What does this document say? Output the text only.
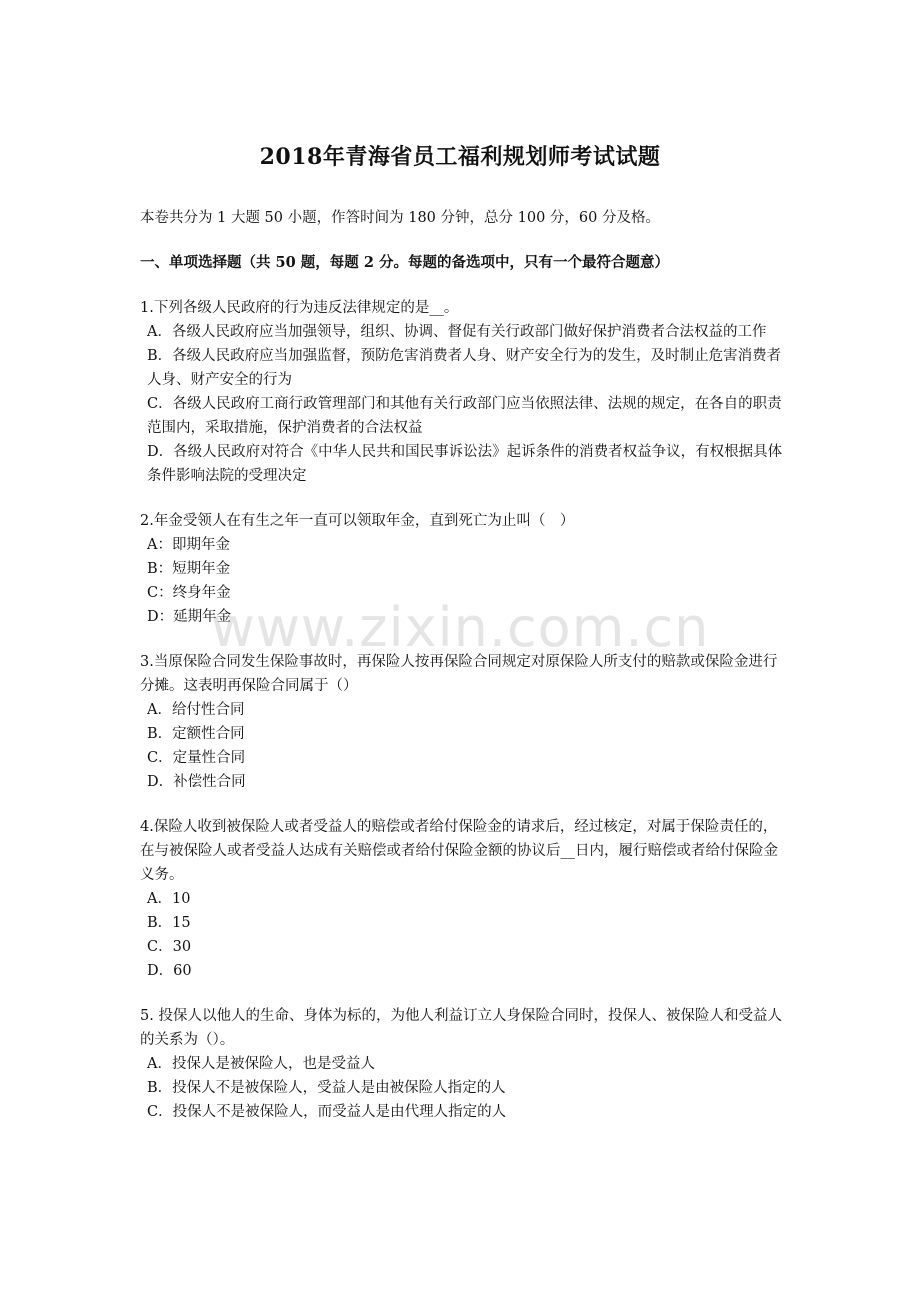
2018年青海省员工福利规划师考试试题

本卷共分为 1 大题 50 小题，作答时间为 180 分钟，总分 100 分，60 分及格。

一、单项选择题（共 50 题，每题 2 分。每题的备选项中，只有一个最符合题意）

1.下列各级人民政府的行为违反法律规定的是__。

A．各级人民政府应当加强领导，组织、协调、督促有关行政部门做好保护消费者合法权益的工作

B．各级人民政府应当加强监督，预防危害消费者人身、财产安全行为的发生，及时制止危害消费者人身、财产安全的行为

C．各级人民政府工商行政管理部门和其他有关行政部门应当依照法律、法规的规定，在各自的职责范围内，采取措施，保护消费者的合法权益

D．各级人民政府对符合《中华人民共和国民事诉讼法》起诉条件的消费者权益争议，有权根据具体条件影响法院的受理决定

2.年金受领人在有生之年一直可以领取年金，直到死亡为止叫（　）

A：即期年金

B：短期年金

C：终身年金

D：延期年金

3.当原保险合同发生保险事故时，再保险人按再保险合同规定对原保险人所支付的赔款或保险金进行分摊。这表明再保险合同属于（）

A．给付性合同

B．定额性合同

C．定量性合同

D．补偿性合同

4.保险人收到被保险人或者受益人的赔偿或者给付保险金的请求后，经过核定，对属于保险责任的，在与被保险人或者受益人达成有关赔偿或者给付保险金额的协议后__日内，履行赔偿或者给付保险金义务。

A．10

B．15

C．30

D．60

5. 投保人以他人的生命、身体为标的，为他人利益订立人身保险合同时，投保人、被保险人和受益人的关系为（）。

A．投保人是被保险人，也是受益人

B．投保人不是被保险人，受益人是由被保险人指定的人

C．投保人不是被保险人，而受益人是由代理人指定的人

www.zixin.com.cn
